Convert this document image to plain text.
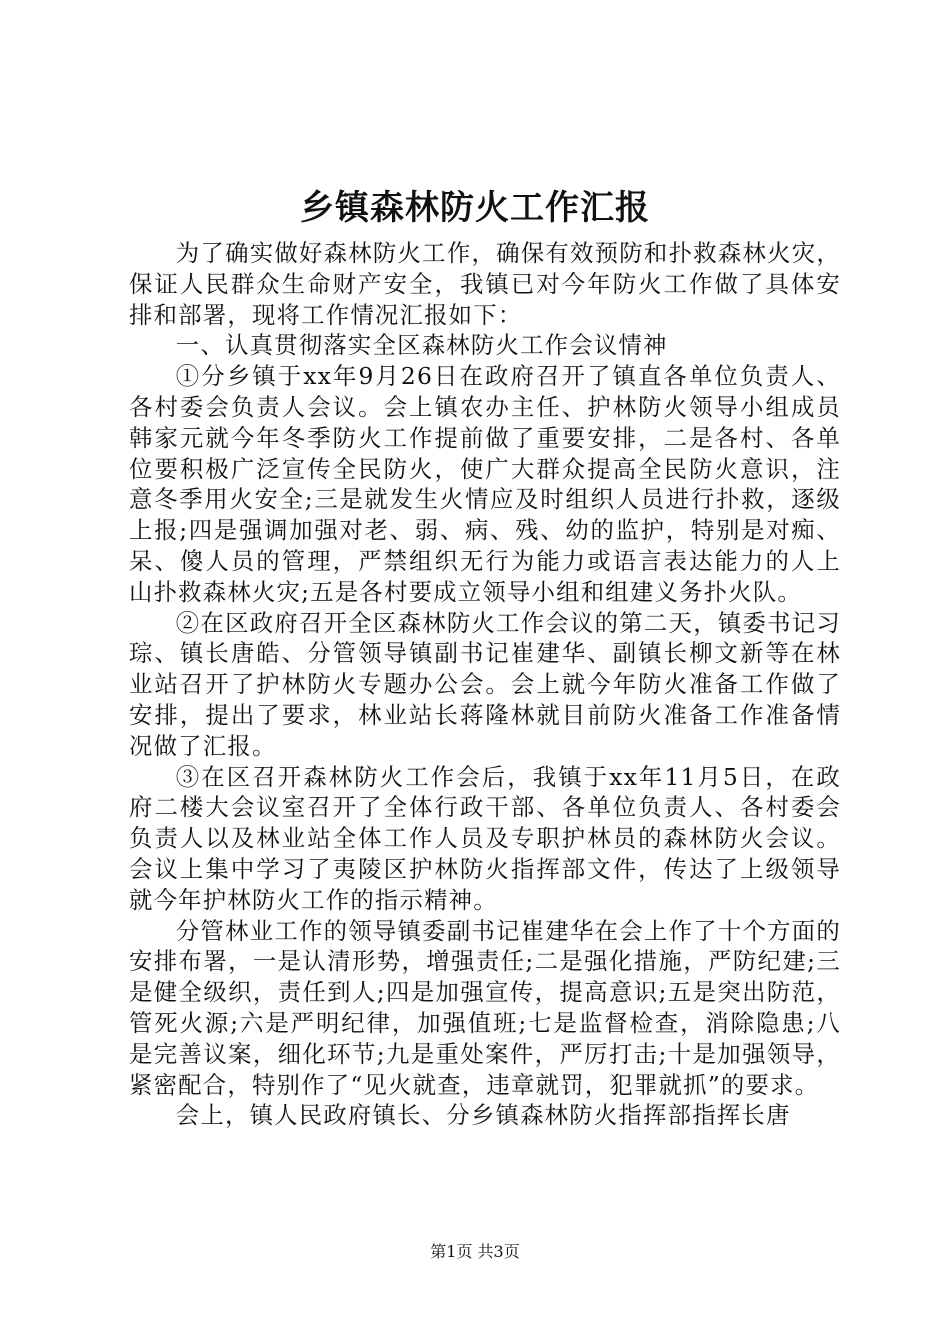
乡镇森林防火工作汇报

为了确实做好森林防火工作，确保有效预防和扑救森林火灾，保证人民群众生命财产安全，我镇已对今年防火工作做了具体安排和部署，现将工作情况汇报如下：

一、认真贯彻落实全区森林防火工作会议情神

①分乡镇于xx年9月26日在政府召开了镇直各单位负责人、各村委会负责人会议。会上镇农办主任、护林防火领导小组成员韩家元就今年冬季防火工作提前做了重要安排，二是各村、各单位要积极广泛宣传全民防火，使广大群众提高全民防火意识，注意冬季用火安全;三是就发生火情应及时组织人员进行扑救，逐级上报;四是强调加强对老、弱、病、残、幼的监护，特别是对痴、呆、傻人员的管理，严禁组织无行为能力或语言表达能力的人上山扑救森林火灾;五是各村要成立领导小组和组建义务扑火队。

②在区政府召开全区森林防火工作会议的第二天，镇委书记习琮、镇长唐皓、分管领导镇副书记崔建华、副镇长柳文新等在林业站召开了护林防火专题办公会。会上就今年防火准备工作做了安排，提出了要求，林业站长蒋隆林就目前防火准备工作准备情况做了汇报。

③在区召开森林防火工作会后，我镇于xx年11月5日，在政府二楼大会议室召开了全体行政干部、各单位负责人、各村委会负责人以及林业站全体工作人员及专职护林员的森林防火会议。会议上集中学习了夷陵区护林防火指挥部文件，传达了上级领导就今年护林防火工作的指示精神。

分管林业工作的领导镇委副书记崔建华在会上作了十个方面的安排布署，一是认清形势，增强责任;二是强化措施，严防纪建;三是健全级织，责任到人;四是加强宣传，提高意识;五是突出防范，管死火源;六是严明纪律，加强值班;七是监督检查，消除隐患;八是完善议案，细化环节;九是重处案件，严厉打击;十是加强领导，紧密配合，特别作了“见火就查，违章就罚，犯罪就抓”的要求。

会上，镇人民政府镇长、分乡镇森林防火指挥部指挥长唐

第1页 共3页
